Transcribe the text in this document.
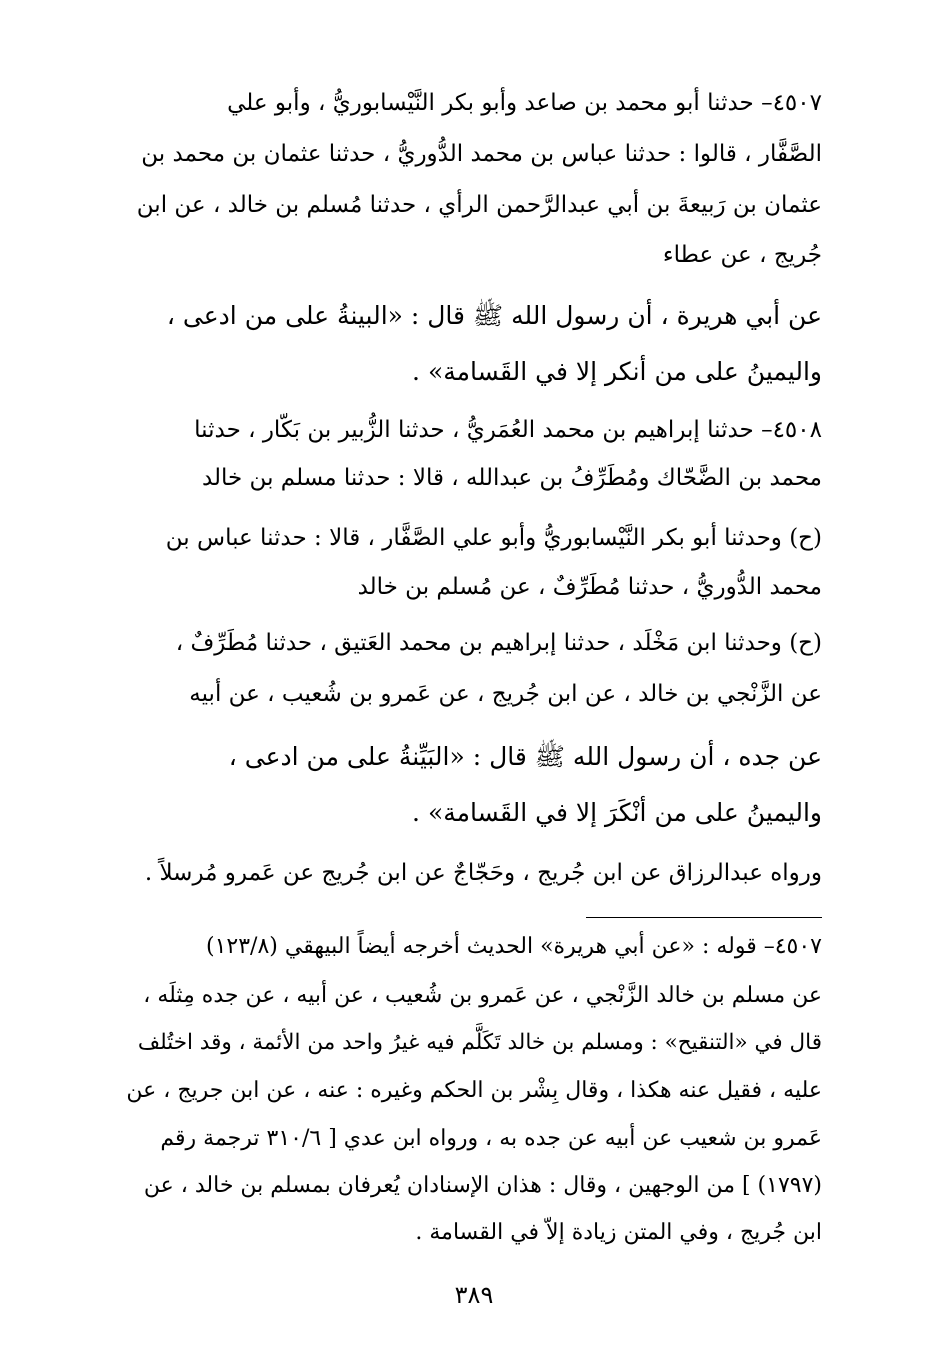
٤٥٠٧– حدثنا أبو محمد بن صاعد وأبو بكر النَّيْسابوريُّ ، وأبو علي
الصَّفَّار ، قالوا : حدثنا عباس بن محمد الدُّوريُّ ، حدثنا عثمان بن محمد بن
عثمان بن رَبيعةَ بن أبي عبدالرَّحمن الرأي ، حدثنا مُسلم بن خالد ، عن ابن
جُريج ، عن عطاء
عن أبي هريرة ، أن رسول الله ﷺ قال : «البينةُ على من ادعى ،
واليمينُ على من أنكر إلا في القَسامة» .
٤٥٠٨– حدثنا إبراهيم بن محمد العُمَريُّ ، حدثنا الزُّبير بن بَكّار ، حدثنا
محمد بن الضَّحّاك ومُطَرِّفُ بن عبدالله ، قالا : حدثنا مسلم بن خالد
(ح) وحدثنا أبو بكر النَّيْسابوريُّ وأبو علي الصَّفَّار ، قالا : حدثنا عباس بن
محمد الدُّوريُّ ، حدثنا مُطَرِّفٌ ، عن مُسلم بن خالد
(ح) وحدثنا ابن مَخْلَد ، حدثنا إبراهيم بن محمد العَتيق ، حدثنا مُطَرِّفٌ ،
عن الزَّنْجي بن خالد ، عن ابن جُريج ، عن عَمرو بن شُعيب ، عن أبيه
عن جده ، أن رسول الله ﷺ قال : «البَيِّنةُ على من ادعى ،
واليمينُ على من أنْكَرَ إلا في القَسامة» .
ورواه عبدالرزاق عن ابن جُريج ، وحَجّاجٌ عن ابن جُريج عن عَمرو مُرسلاً .
٤٥٠٧– قوله : «عن أبي هريرة» الحديث أخرجه أيضاً البيهقي (١٢٣/٨)
عن مسلم بن خالد الزَّنْجي ، عن عَمرو بن شُعيب ، عن أبيه ، عن جده مِثلَه ،
قال في «التنقيح» : ومسلم بن خالد تَكَلَّم فيه غيرُ واحد من الأئمة ، وقد اختُلف
عليه ، فقيل عنه هكذا ، وقال بِشْر بن الحكم وغيره : عنه ، عن ابن جريج ، عن
عَمرو بن شعيب عن أبيه عن جده به ، ورواه ابن عدي [ ٣١٠/٦ ترجمة رقم
(١٧٩٧) ] من الوجهين ، وقال : هذان الإسنادان يُعرفان بمسلم بن خالد ، عن
ابن جُريج ، وفي المتن زيادة إلاّ في القسامة .
٣٨٩
